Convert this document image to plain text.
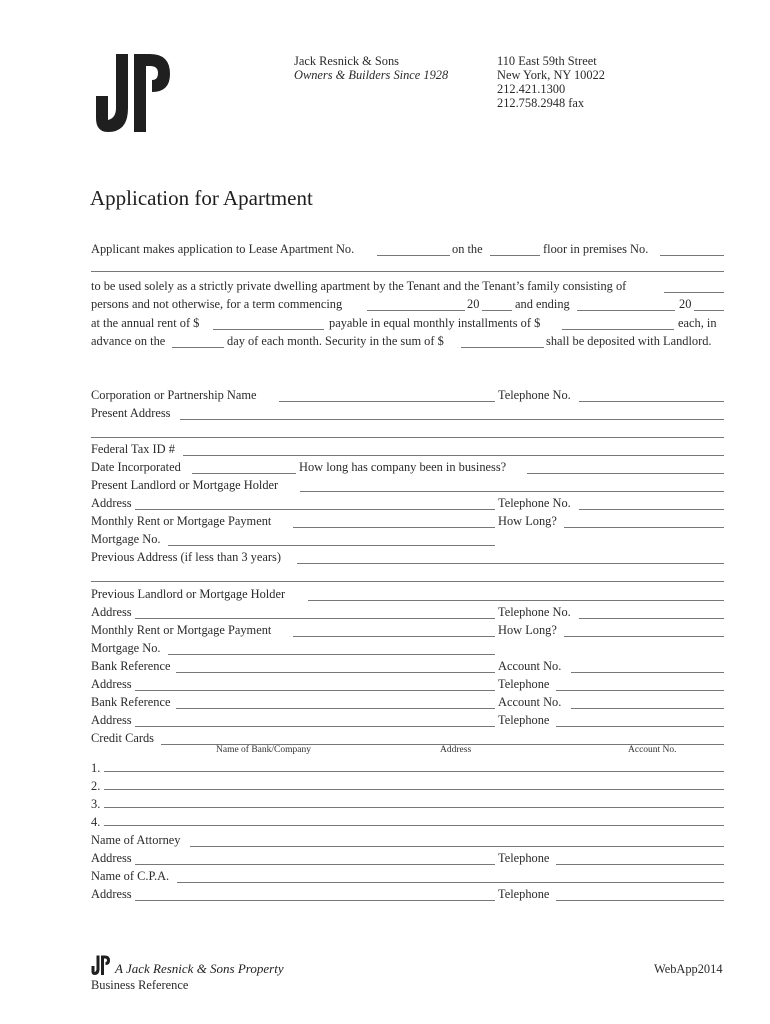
Jack Resnick & Sons
Owners & Builders Since 1928
110 East 59th Street
New York, NY 10022
212.421.1300
212.758.2948 fax
Application for Apartment
Applicant makes application to Lease Apartment No.	on the	floor in premises No.
to be used solely as a strictly private dwelling apartment by the Tenant and the Tenant’s family consisting of
persons and not otherwise, for a term commencing	20	and ending	20
at the annual rent of $	payable in equal monthly installments of $	each, in
advance on the	day of each month. Security in the sum of $	shall be deposited with Landlord.
Corporation or Partnership Name	Telephone No.
Present Address
Federal Tax ID #
Date Incorporated	How long has company been in business?
Present Landlord or Mortgage Holder
Address	Telephone No.
Monthly Rent or Mortgage Payment	How Long?
Mortgage No.
Previous Address (if less than 3 years)
Previous Landlord or Mortgage Holder
Address	Telephone No.
Monthly Rent or Mortgage Payment	How Long?
Mortgage No.
Bank Reference	Account No.
Address	Telephone
Bank Reference	Account No.
Address	Telephone
Credit Cards
Name of Bank/Company	Address	Account No.
1.
2.
3.
4.
Name of Attorney
Address	Telephone
Name of C.P.A.
Address	Telephone
A Jack Resnick & Sons Property
Business Reference
WebApp2014
